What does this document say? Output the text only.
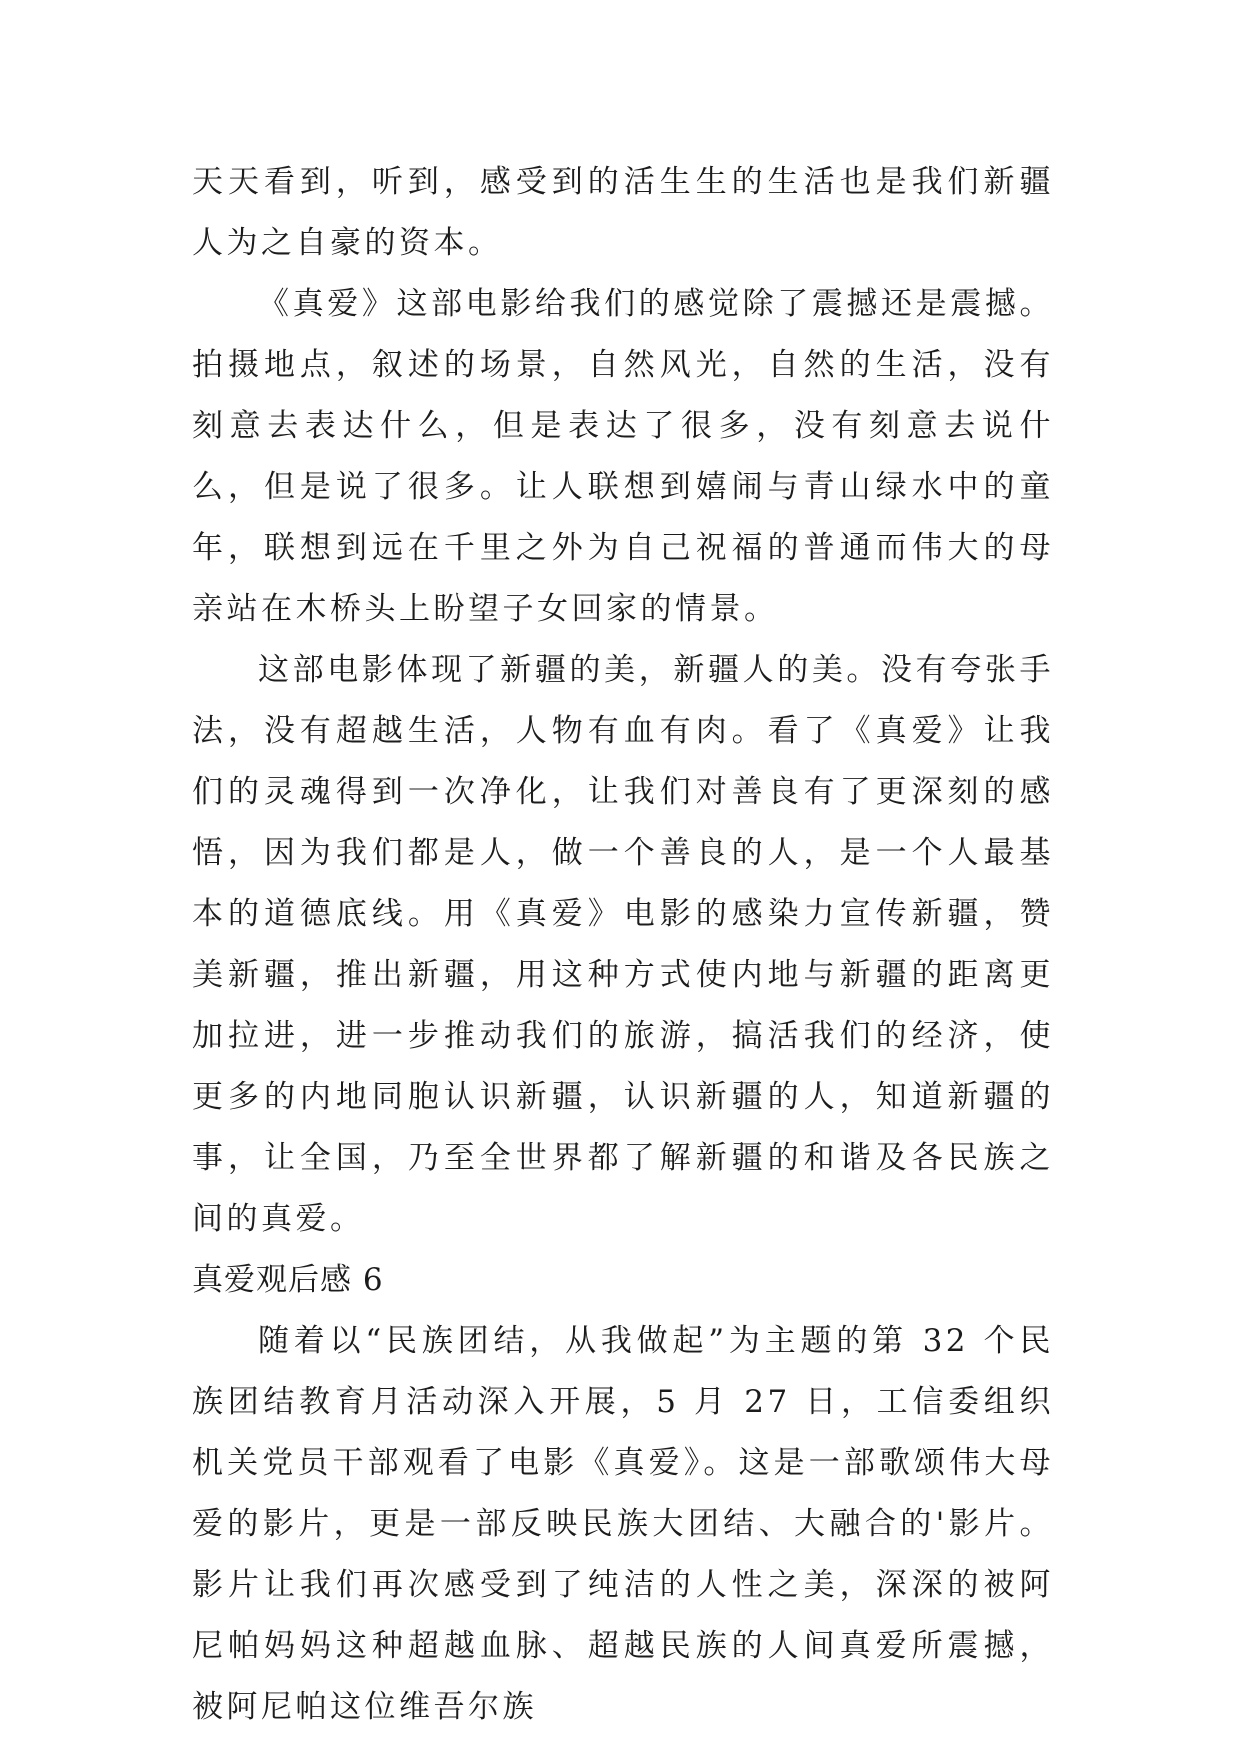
天天看到，听到，感受到的活生生的生活也是我们新疆人为之自豪的资本。

《真爱》这部电影给我们的感觉除了震撼还是震撼。拍摄地点，叙述的场景，自然风光，自然的生活，没有刻意去表达什么，但是表达了很多，没有刻意去说什么，但是说了很多。让人联想到嬉闹与青山绿水中的童年，联想到远在千里之外为自己祝福的普通而伟大的母亲站在木桥头上盼望子女回家的情景。

这部电影体现了新疆的美，新疆人的美。没有夸张手法，没有超越生活，人物有血有肉。看了《真爱》让我们的灵魂得到一次净化，让我们对善良有了更深刻的感悟，因为我们都是人，做一个善良的人，是一个人最基本的道德底线。用《真爱》电影的感染力宣传新疆，赞美新疆，推出新疆，用这种方式使内地与新疆的距离更加拉进，进一步推动我们的旅游，搞活我们的经济，使更多的内地同胞认识新疆，认识新疆的人，知道新疆的事，让全国，乃至全世界都了解新疆的和谐及各民族之间的真爱。

真爱观后感 6

随着以“民族团结，从我做起”为主题的第 32 个民族团结教育月活动深入开展，5 月 27 日，工信委组织机关党员干部观看了电影《真爱》。这是一部歌颂伟大母爱的影片，更是一部反映民族大团结、大融合的'影片。影片让我们再次感受到了纯洁的人性之美，深深的被阿尼帕妈妈这种超越血脉、超越民族的人间真爱所震撼，被阿尼帕这位维吾尔族
